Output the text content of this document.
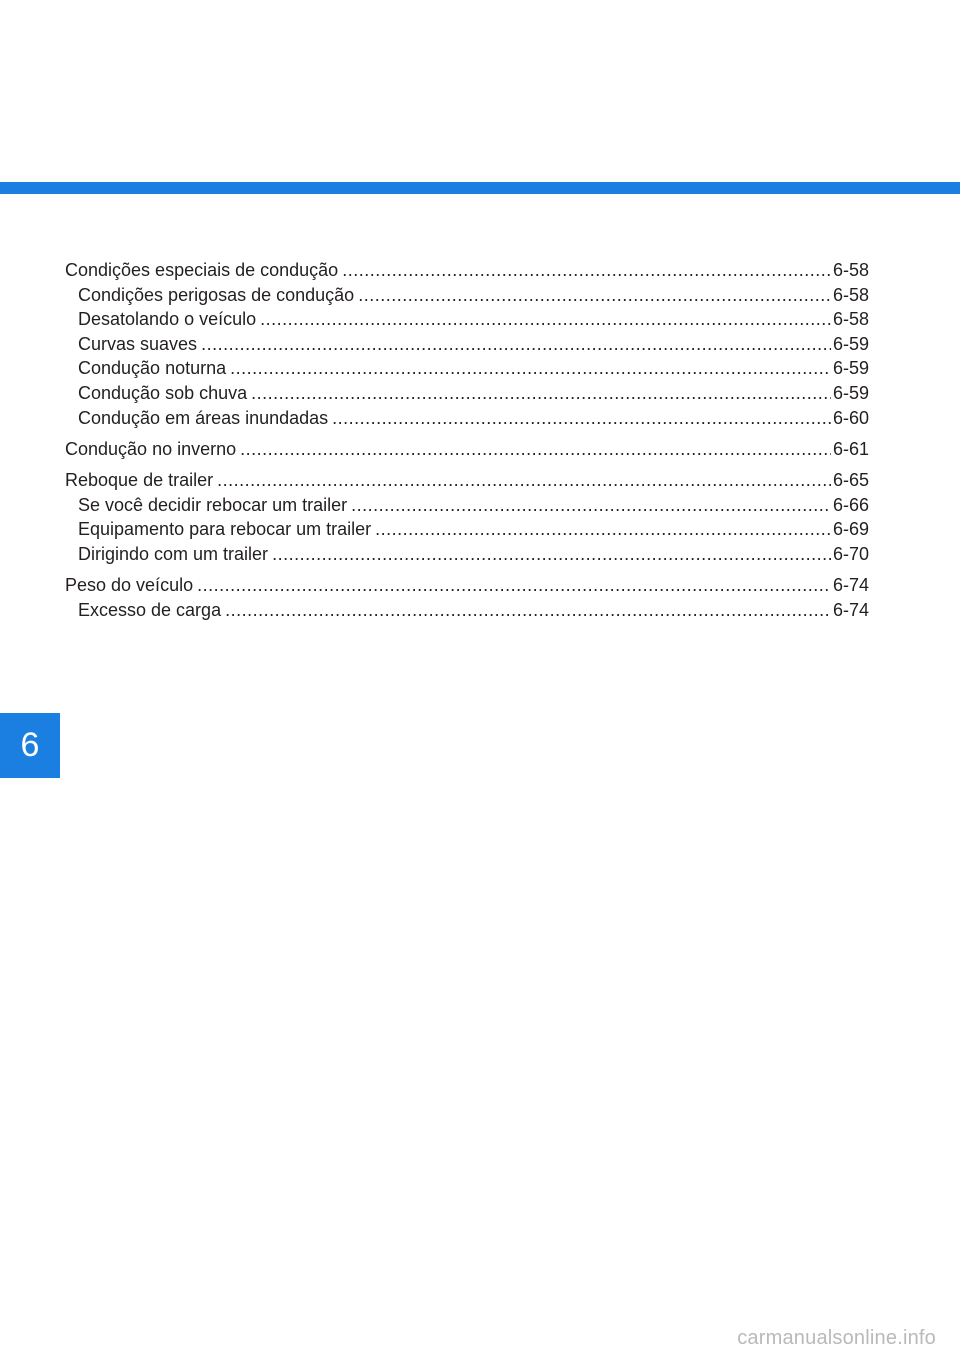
Condições especiais de condução .....	6-58
Condições perigosas de condução .....	6-58
Desatolando o veículo .....	6-58
Curvas suaves .....	6-59
Condução noturna .....	6-59
Condução sob chuva .....	6-59
Condução em áreas inundadas .....	6-60
Condução no inverno .....	6-61
Reboque de trailer .....	6-65
Se você decidir rebocar um trailer .....	6-66
Equipamento para rebocar um trailer .....	6-69
Dirigindo com um trailer .....	6-70
Peso do veículo .....	6-74
Excesso de carga .....	6-74
6
carmanualsonline.info
